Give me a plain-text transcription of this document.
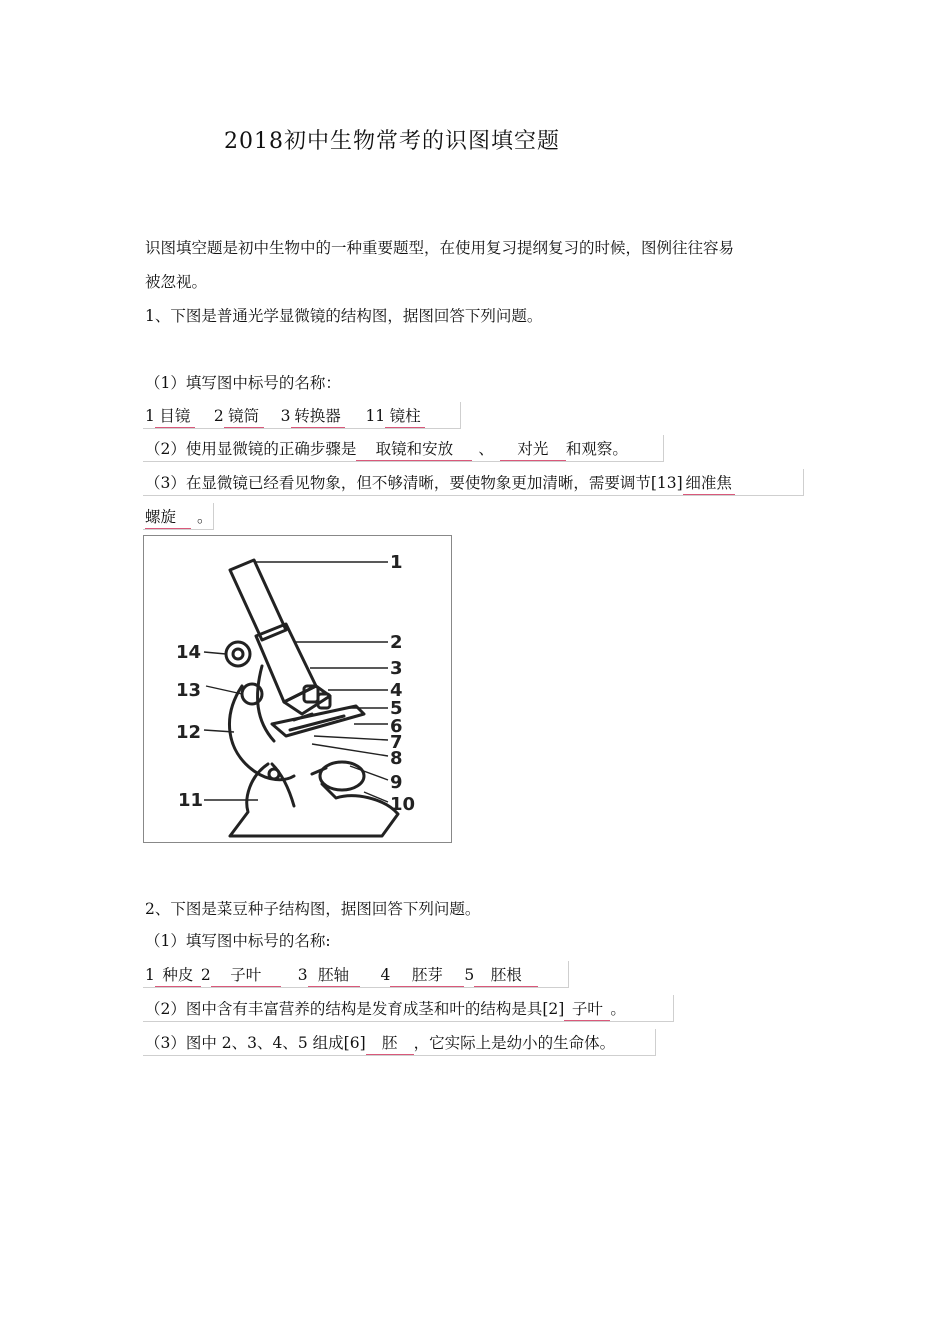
2018初中生物常考的识图填空题
识图填空题是初中生物中的一种重要题型，在使用复习提纲复习的时候，图例往往容易
被忽视。
1、下图是普通光学显微镜的结构图，据图回答下列问题。
（1）填写图中标号的名称：
1 目镜 2 镜筒 3 转换器 11 镜柱
（2）使用显微镜的正确步骤是 取镜和安放 、 对光 和观察。
（3）在显微镜已经看见物象，但不够清晰，要使物象更加清晰，需要调节[13] 细准焦
螺旋 。
1
2
3
4
5
6
7
8
9
10
11
12
13
14
2、下图是菜豆种子结构图，据图回答下列问题。
（1）填写图中标号的名称:
1 种皮 2 子叶 3 胚轴 4 胚芽 5 胚根
（2）图中含有丰富营养的结构是发育成茎和叶的结构是具[2] 子叶 。
（3）图中 2、3、4、5 组成[6] 胚 ，它实际上是幼小的生命体。
